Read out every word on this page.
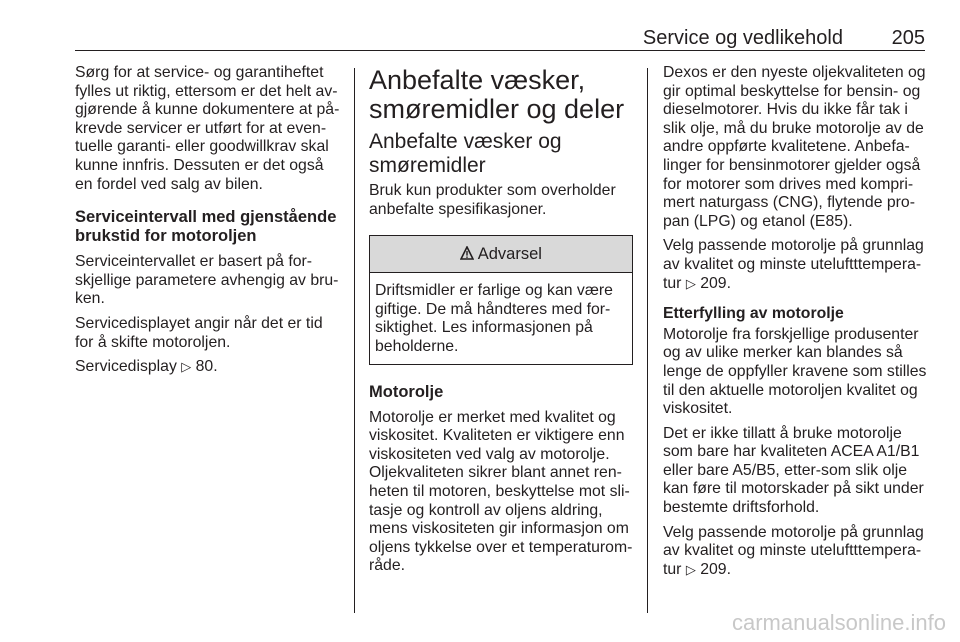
Service og vedlikehold 205

Sørg for at service- og garantiheftet fylles ut riktig, ettersom er det helt av-gjørende å kunne dokumentere at på-krevde servicer er utført for at even-tuelle garanti- eller goodwillkrav skal kunne innfris. Dessuten er det også en fordel ved salg av bilen.

Serviceintervall med gjenstående brukstid for motoroljen

Serviceintervallet er basert på for-skjellige parametere avhengig av bru-ken.

Servicedisplayet angir når det er tid for å skifte motoroljen.

Servicedisplay ▷ 80.

Anbefalte væsker, smøremidler og deler
Anbefalte væsker og smøremidler

Bruk kun produkter som overholder anbefalte spesifikasjoner.

Advarsel
Driftsmidler er farlige og kan være giftige. De må håndteres med for-siktighet. Les informasjonen på beholderne.
Motorolje

Motorolje er merket med kvalitet og viskositet. Kvaliteten er viktigere enn viskositeten ved valg av motorolje. Oljekvaliteten sikrer blant annet ren-heten til motoren, beskyttelse mot sli-tasje og kontroll av oljens aldring, mens viskositeten gir informasjon om oljens tykkelse over et temperaturom-råde.

Dexos er den nyeste oljekvaliteten og gir optimal beskyttelse for bensin- og dieselmotorer. Hvis du ikke får tak i slik olje, må du bruke motorolje av de andre oppførte kvalitetene. Anbefa-linger for bensinmotorer gjelder også for motorer som drives med kompri-mert naturgass (CNG), flytende pro-pan (LPG) og etanol (E85).

Velg passende motorolje på grunnlag av kvalitet og minste uteluftttempera-tur ▷ 209.

Etterfylling av motorolje

Motorolje fra forskjellige produsenter og av ulike merker kan blandes så lenge de oppfyller kravene som stilles til den aktuelle motoroljen kvalitet og viskositet.

Det er ikke tillatt å bruke motorolje som bare har kvaliteten ACEA A1/B1 eller bare A5/B5, etter-som slik olje kan føre til motorskader på sikt under bestemte driftsforhold.

Velg passende motorolje på grunnlag av kvalitet og minste uteluftttempera-tur ▷ 209.

carmanualsonline.info
